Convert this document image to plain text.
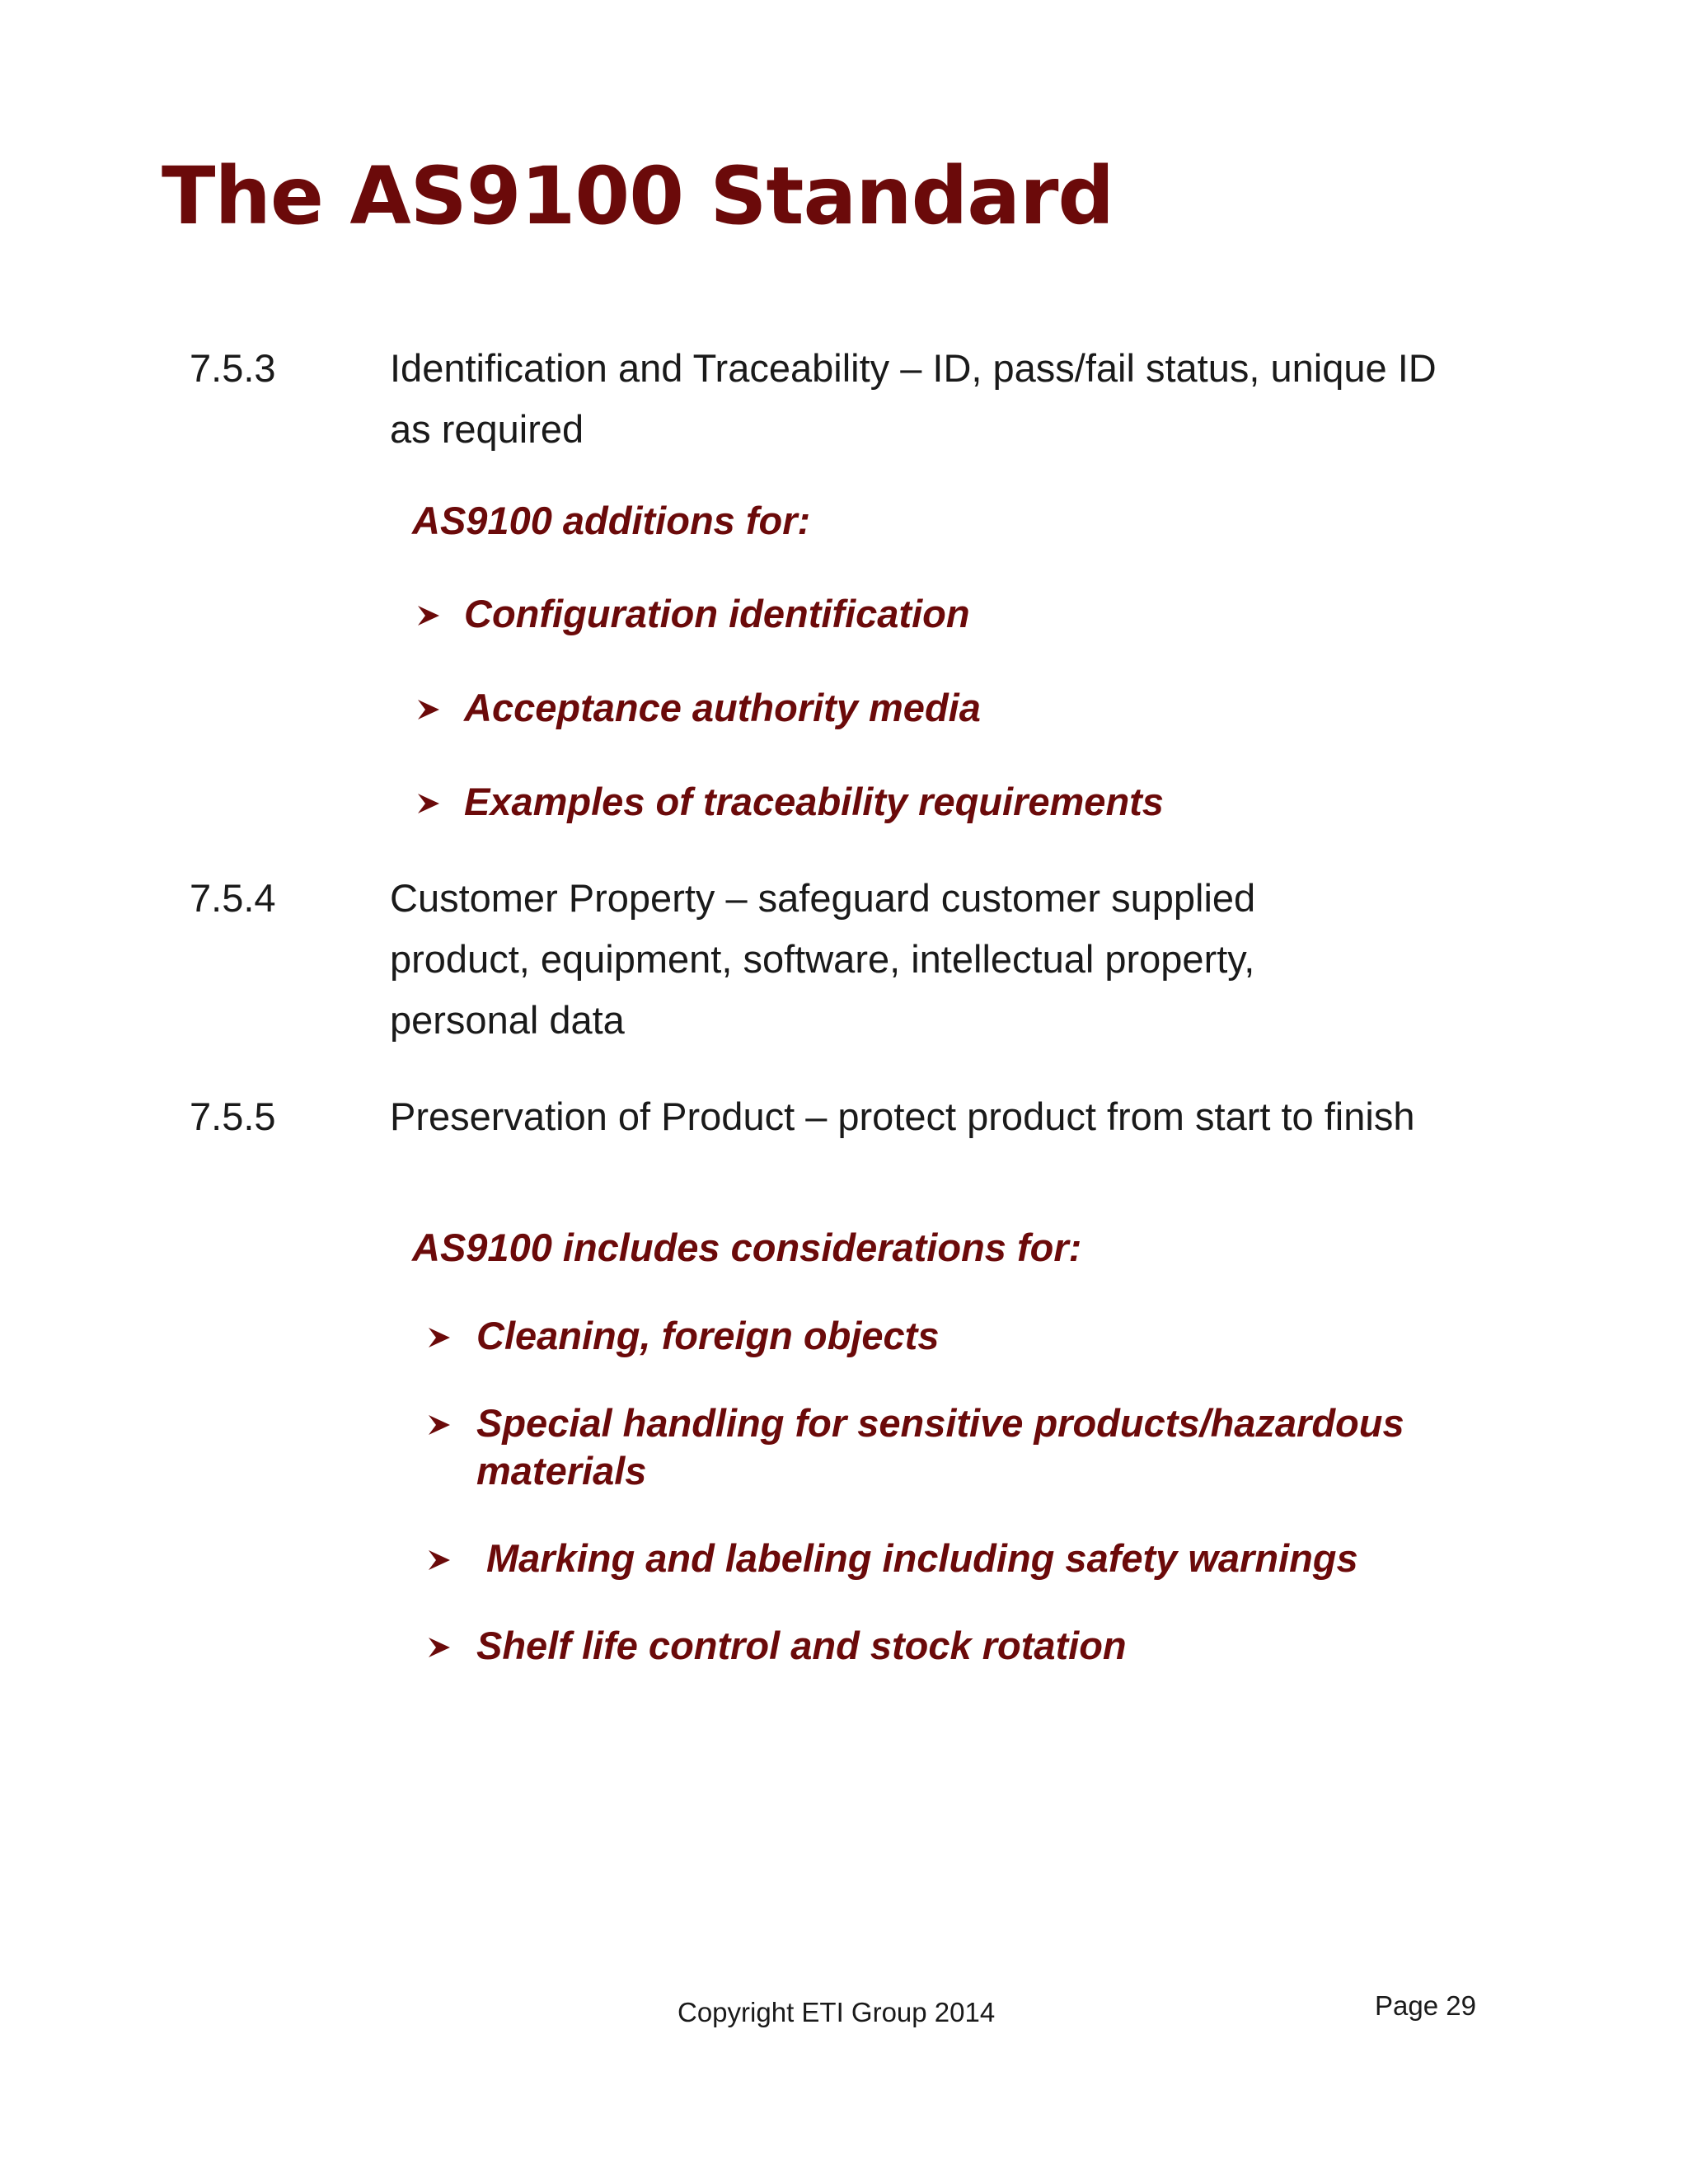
The AS9100 Standard
7.5.3	Identification and Traceability – ID, pass/fail status, unique ID as required
AS9100 additions for:
Configuration identification
Acceptance authority media
Examples of traceability requirements
7.5.4	Customer Property – safeguard customer supplied product, equipment, software, intellectual property, personal data
7.5.5	Preservation of Product – protect product from start to finish
AS9100 includes considerations for:
Cleaning, foreign objects
Special handling for sensitive products/hazardous materials
Marking and labeling including safety warnings
Shelf life control and stock rotation
Copyright ETI Group 2014	Page 29
